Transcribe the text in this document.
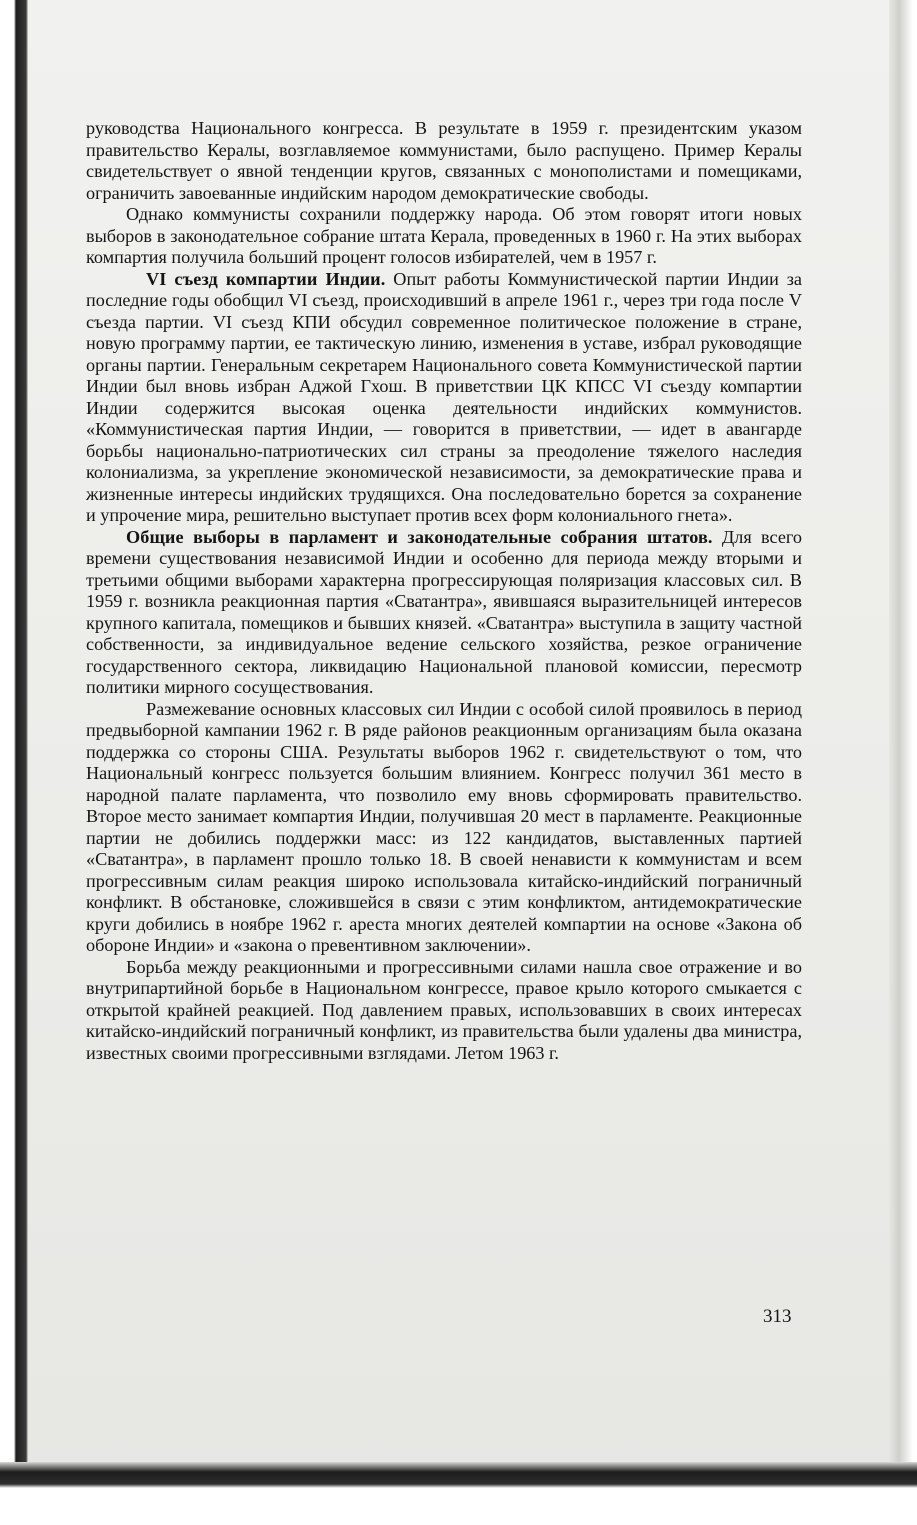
руководства Национального конгресса. В результате в 1959 г. президентским указом правительство Кералы, возглавляемое коммунистами, было распущено. Пример Кералы свидетельствует о явной тенденции кругов, связанных с монополистами и помещиками, ограничить завоеванные индийским народом демократические свободы.

Однако коммунисты сохранили поддержку народа. Об этом говорят итоги новых выборов в законодательное собрание штата Керала, проведенных в 1960 г. На этих выборах компартия получила больший процент голосов избирателей, чем в 1957 г.

VI съезд компартии Индии. Опыт работы Коммунистической партии Индии за последние годы обобщил VI съезд, происходивший в апреле 1961 г., через три года после V съезда партии. VI съезд КПИ обсудил современное политическое положение в стране, новую программу партии, ее тактическую линию, изменения в уставе, избрал руководящие органы партии. Генеральным секретарем Национального совета Коммунистической партии Индии был вновь избран Аджой Гхош. В приветствии ЦК КПСС VI съезду компартии Индии содержится высокая оценка деятельности индийских коммунистов. «Коммунистическая партия Индии, — говорится в приветствии, — идет в авангарде борьбы национально-патриотических сил страны за преодоление тяжелого наследия колониализма, за укрепление экономической независимости, за демократические права и жизненные интересы индийских трудящихся. Она последовательно борется за сохранение и упрочение мира, решительно выступает против всех форм колониального гнета».

Общие выборы в парламент и законодательные собрания штатов. Для всего времени существования независимой Индии и особенно для периода между вторыми и третьими общими выборами характерна прогрессирующая поляризация классовых сил. В 1959 г. возникла реакционная партия «Сватантра», явившаяся выразительницей интересов крупного капитала, помещиков и бывших князей. «Сватантра» выступила в защиту частной собственности, за индивидуальное ведение сельского хозяйства, резкое ограничение государственного сектора, ликвидацию Национальной плановой комиссии, пересмотр политики мирного сосуществования.

Размежевание основных классовых сил Индии с особой силой проявилось в период предвыборной кампании 1962 г. В ряде районов реакционным организациям была оказана поддержка со стороны США. Результаты выборов 1962 г. свидетельствуют о том, что Национальный конгресс пользуется большим влиянием. Конгресс получил 361 место в народной палате парламента, что позволило ему вновь сформировать правительство. Второе место занимает компартия Индии, получившая 20 мест в парламенте. Реакционные партии не добились поддержки масс: из 122 кандидатов, выставленных партией «Сватантра», в парламент прошло только 18. В своей ненависти к коммунистам и всем прогрессивным силам реакция широко использовала китайско-индийский пограничный конфликт. В обстановке, сложившейся в связи с этим конфликтом, антидемократические круги добились в ноябре 1962 г. ареста многих деятелей компартии на основе «Закона об обороне Индии» и «закона о превентивном заключении».

Борьба между реакционными и прогрессивными силами нашла свое отражение и во внутрипартийной борьбе в Национальном конгрессе, правое крыло которого смыкается с открытой крайней реакцией. Под давлением правых, использовавших в своих интересах китайско-индийский пограничный конфликт, из правительства были удалены два министра, известных своими прогрессивными взглядами. Летом 1963 г.

313
